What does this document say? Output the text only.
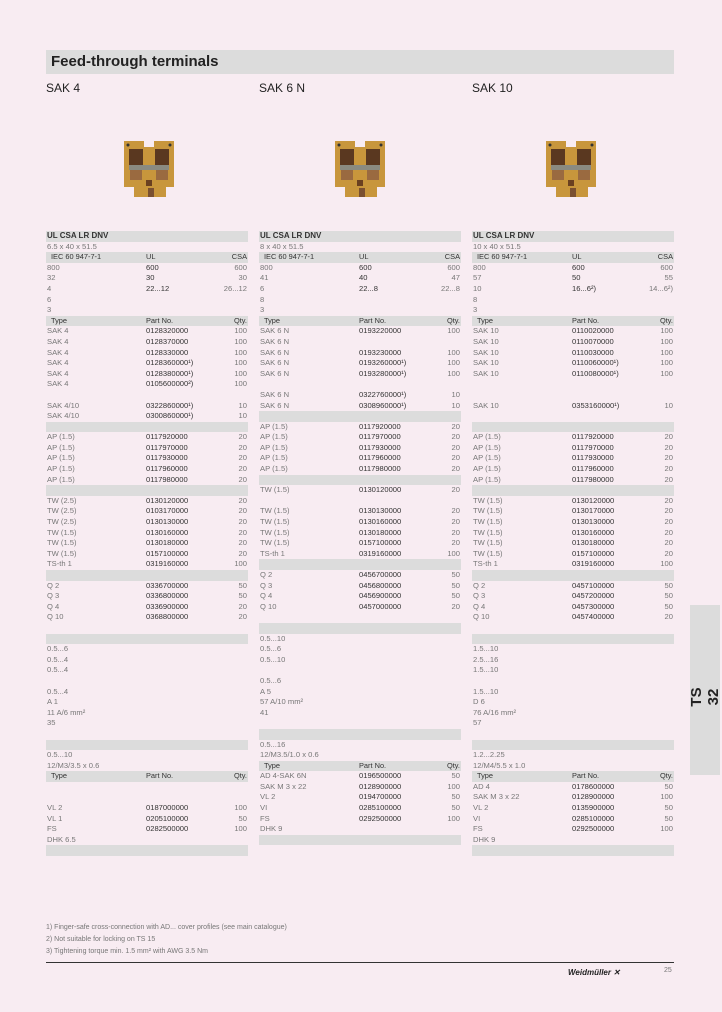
Feed-through terminals
SAK 4	SAK 6 N	SAK 10
UL CSA LR DNV
6.5 x 40 x 51.5
IEC 60 947-7-1	UL	CSA
800	600	600
32	30	30
4	22...12	26...12
6
3
Type	Part No.	Qty.
SAK 4	0128320000	100
SAK 4	0128370000	100
SAK 4	0128330000	100
SAK 4	0128360000¹)	100
SAK 4	0128380000¹)	100
SAK 4	0105600000²)	100
SAK 4/10	0322860000¹)	10
SAK 4/10	0300860000¹)	10
AP (1.5)	0117920000	20
AP (1.5)	0117970000	20
AP (1.5)	0117930000	20
AP (1.5)	0117960000	20
AP (1.5)	0117980000	20
TW (2.5)	0130120000	20
TW (2.5)	0103170000	20
TW (2.5)	0130130000	20
TW (1.5)	0130160000	20
TW (1.5)	0130180000	20
TW (1.5)	0157100000	20
TS-th 1	0319160000	100
Q 2	0336700000	50
Q 3	0336800000	50
Q 4	0336900000	20
Q 10	0368800000	20
0.5...6
0.5...4
0.5...4
0.5...4
A 1
11 A/6 mm²
35
0.5...10
12/M3/3.5 x 0.6
Type	Part No.	Qty.
VL 2	0187000000	100
VL 1	0205100000	50
FS	0282500000	100
DHK 6.5
UL CSA LR DNV
8 x 40 x 51.5
IEC 60 947-7-1	UL	CSA
800	600	600
41	40	47
6	22...8	22...8
8
3
Type	Part No.	Qty.
SAK 6 N	0193220000	100
SAK 6 N
SAK 6 N	0193230000	100
SAK 6 N	0193260000¹)	100
SAK 6 N	0193280000¹)	100
SAK 6 N	0322760000¹)	10
SAK 6 N	0308960000¹)	10
AP (1.5)	0117920000	20
AP (1.5)	0117970000	20
AP (1.5)	0117930000	20
AP (1.5)	0117960000	20
AP (1.5)	0117980000	20
TW (1.5)	0130120000	20
TW (1.5)	0130130000	20
TW (1.5)	0130160000	20
TW (1.5)	0130180000	20
TW (1.5)	0157100000	20
TS-th 1	0319160000	100
Q 2	0456700000	50
Q 3	0456800000	50
Q 4	0456900000	50
Q 10	0457000000	20
0.5...10
0.5...6
0.5...10
0.5...6
A 5
57 A/10 mm²
41
0.5...16
12/M3.5/1.0 x 0.6
Type	Part No.	Qty.
AD 4-SAK 6N	0196500000	50
SAK M 3 x 22	0128900000	100
VL 2	0194700000	50
VI	0285100000	50
FS	0292500000	100
DHK 9
UL CSA LR DNV
10 x 40 x 51.5
IEC 60 947-7-1	UL	CSA
800	600	600
57	50	55
10	16...6²)	14...6²)
8
3
Type	Part No.	Qty.
SAK 10	0110020000	100
SAK 10	0110070000	100
SAK 10	0110030000	100
SAK 10	0110060000¹)	100
SAK 10	0110080000¹)	100
SAK 10	0353160000¹)	10
AP (1.5)	0117920000	20
AP (1.5)	0117970000	20
AP (1.5)	0117930000	20
AP (1.5)	0117960000	20
AP (1.5)	0117980000	20
TW (1.5)	0130120000	20
TW (1.5)	0130170000	20
TW (1.5)	0130130000	20
TW (1.5)	0130160000	20
TW (1.5)	0130180000	20
TW (1.5)	0157100000	20
TS-th 1	0319160000	100
Q 2	0457100000	50
Q 3	0457200000	50
Q 4	0457300000	50
Q 10	0457400000	20
1.5...10
2.5...16
1.5...10
1.5...10
D 6
76 A/16 mm²
57
1.2...2.25
12/M4/5.5 x 1.0
Type	Part No.	Qty.
AD 4	0178600000	50
SAK M 3 x 22	0128900000	100
VL 2	0135900000	50
VI	0285100000	50
FS	0292500000	100
DHK 9
1) Finger-safe cross-connection with AD... cover profiles (see main catalogue)
2) Not suitable for locking on TS 15
3) Tightening torque min. 1.5 mm² with AWG 3.5 Nm
Weidmüller ✕	25
TS 32
